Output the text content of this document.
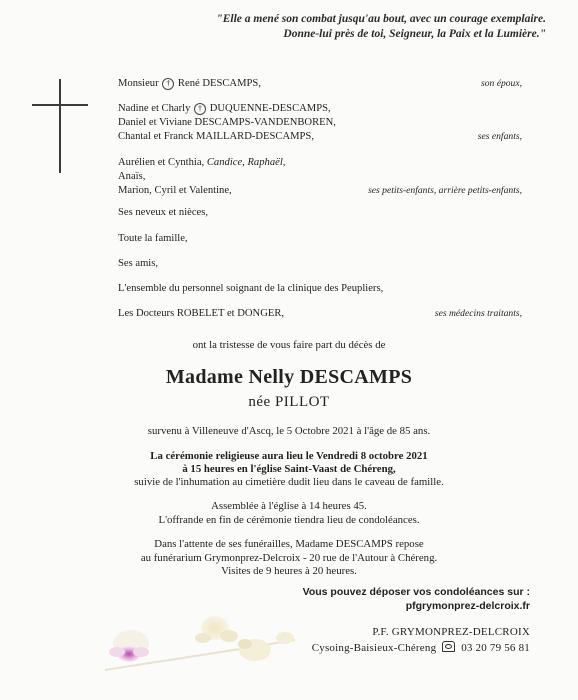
"Elle a mené son combat jusqu'au bout, avec un courage exemplaire.
Donne-lui près de toi, Seigneur, la Paix et la Lumière."
Monsieur † René DESCAMPS,	son époux,
Nadine et Charly † DUQUENNE-DESCAMPS,
Daniel et Viviane DESCAMPS-VANDENBOREN,
Chantal et Franck MAILLARD-DESCAMPS,	ses enfants,
Aurélien et Cynthia, Candice, Raphaël,
Anaïs,
Marion, Cyril et Valentine,	ses petits-enfants, arrière petits-enfants,
Ses neveux et nièces,
Toute la famille,
Ses amis,
L'ensemble du personnel soignant de la clinique des Peupliers,
Les Docteurs ROBELET et DONGER,	ses médecins traitants,
ont la tristesse de vous faire part du décès de
Madame Nelly DESCAMPS
née PILLOT
survenu à Villeneuve d'Ascq, le 5 Octobre 2021 à l'âge de 85 ans.
La cérémonie religieuse aura lieu le Vendredi 8 octobre 2021
à 15 heures en l'église Saint-Vaast de Chéreng,
suivie de l'inhumation au cimetière dudit lieu dans le caveau de famille.
Assemblée à l'église à 14 heures 45.
L'offrande en fin de cérémonie tiendra lieu de condoléances.
Dans l'attente de ses funérailles, Madame DESCAMPS repose
au funérarium Grymonprez-Delcroix - 20 rue de l'Autour à Chéreng.
Visites de 9 heures à 20 heures.
Vous pouvez déposer vos condoléances sur :
pfgrymonprez-delcroix.fr
P.F. GRYMONPREZ-DELCROIX
Cysoing-Baisieux-Chéreng 03 20 79 56 81
